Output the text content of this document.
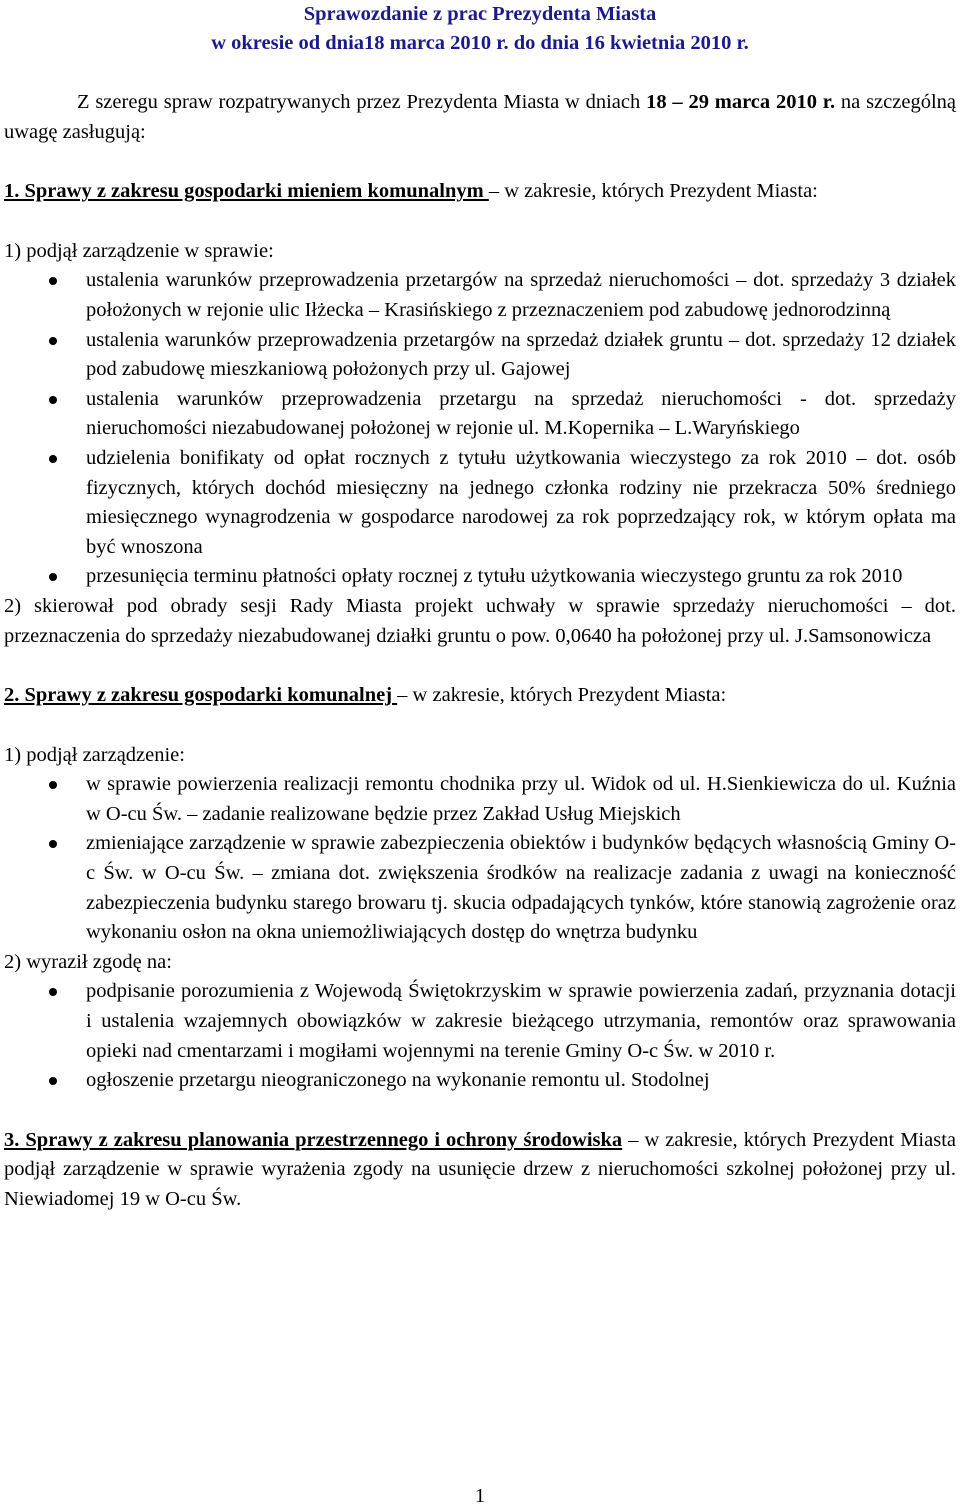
Sprawozdanie z prac Prezydenta Miasta

w okresie od dnia18 marca 2010 r. do dnia 16 kwietnia 2010 r.

Z szeregu spraw rozpatrywanych przez Prezydenta Miasta w dniach 18 – 29 marca 2010 r. na szczególną uwagę zasługują:

1. Sprawy z zakresu gospodarki mieniem komunalnym – w zakresie, których Prezydent Miasta:

1) podjął zarządzenie w sprawie:

ustalenia warunków przeprowadzenia przetargów na sprzedaż nieruchomości – dot. sprzedaży 3 działek położonych w rejonie ulic Iłżecka – Krasińskiego z przeznaczeniem pod zabudowę jednorodzinną
ustalenia warunków przeprowadzenia przetargów na sprzedaż działek gruntu – dot. sprzedaży 12 działek pod zabudowę mieszkaniową położonych przy ul. Gajowej
ustalenia warunków przeprowadzenia przetargu na sprzedaż nieruchomości - dot. sprzedaży nieruchomości niezabudowanej położonej w rejonie ul. M.Kopernika – L.Waryńskiego
udzielenia bonifikaty od opłat rocznych z tytułu użytkowania wieczystego za rok 2010 – dot. osób fizycznych, których dochód miesięczny na jednego członka rodziny nie przekracza 50% średniego miesięcznego wynagrodzenia w gospodarce narodowej za rok poprzedzający rok, w którym opłata ma być wnoszona
przesunięcia terminu płatności opłaty rocznej z tytułu użytkowania wieczystego gruntu za rok 2010

2) skierował pod obrady sesji Rady Miasta projekt uchwały w sprawie sprzedaży nieruchomości – dot. przeznaczenia do sprzedaży niezabudowanej działki gruntu o pow. 0,0640 ha położonej przy ul. J.Samsonowicza

2. Sprawy z zakresu gospodarki komunalnej – w zakresie, których Prezydent Miasta:

1) podjął zarządzenie:

w sprawie powierzenia realizacji remontu chodnika przy ul. Widok od ul. H.Sienkiewicza do ul. Kuźnia w O-cu Św. – zadanie realizowane będzie przez Zakład Usług Miejskich
zmieniające zarządzenie w sprawie zabezpieczenia obiektów i budynków będących własnością Gminy O-c Św. w O-cu Św. – zmiana dot. zwiększenia środków na realizacje zadania z uwagi na konieczność zabezpieczenia budynku starego browaru tj. skucia odpadających tynków, które stanowią zagrożenie oraz wykonaniu osłon na okna uniemożliwiających dostęp do wnętrza budynku

2) wyraził zgodę na:

podpisanie porozumienia z Wojewodą Świętokrzyskim w sprawie powierzenia zadań, przyznania dotacji i ustalenia wzajemnych obowiązków w zakresie bieżącego utrzymania, remontów oraz sprawowania opieki nad cmentarzami i mogiłami wojennymi na terenie Gminy O-c Św. w 2010 r.
ogłoszenie przetargu nieograniczonego na wykonanie remontu ul. Stodolnej

3. Sprawy z zakresu planowania przestrzennego i ochrony środowiska – w zakresie, których Prezydent Miasta podjął zarządzenie w sprawie wyrażenia zgody na usunięcie drzew z nieruchomości szkolnej położonej przy ul. Niewiadomej 19 w O-cu Św.

1
